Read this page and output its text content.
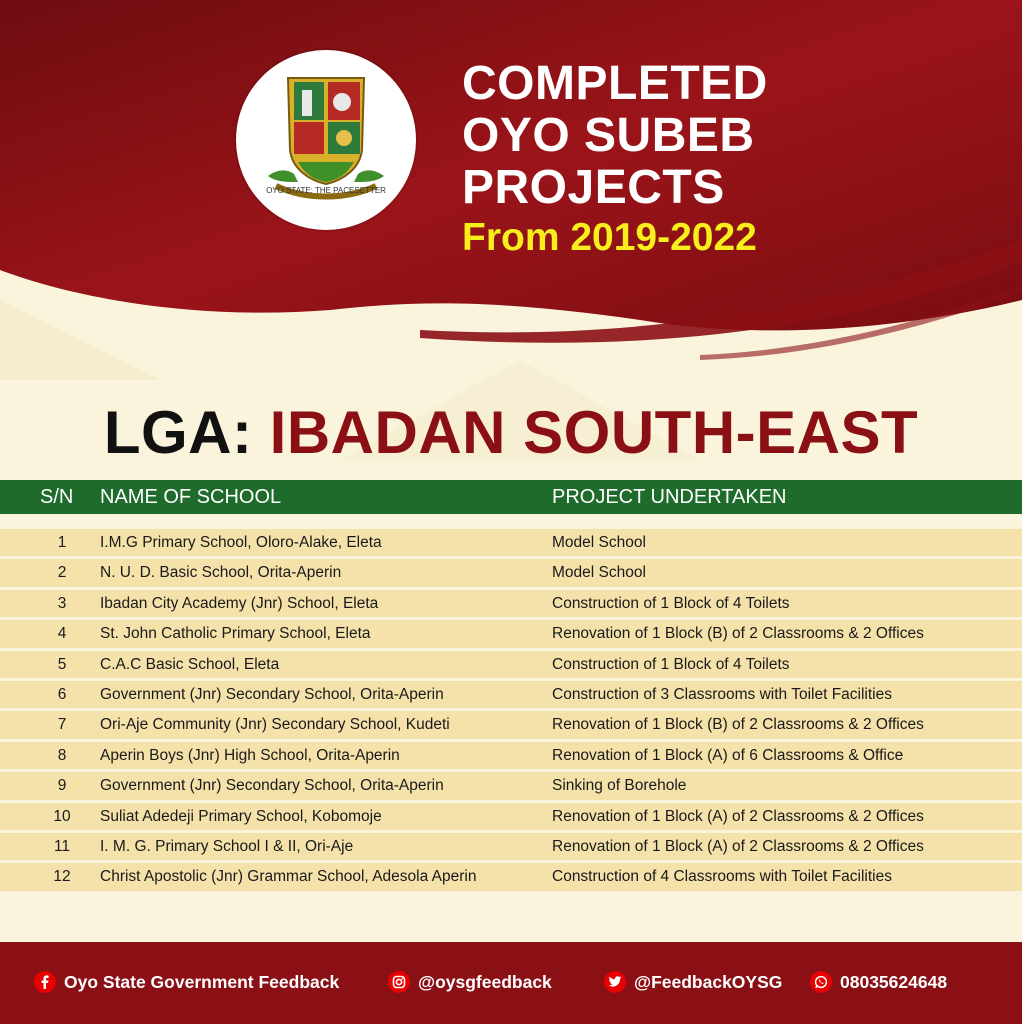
OYO STATE: THE PACESETTER
COMPLETED
OYO SUBEB
PROJECTS
From 2019-2022
LGA: IBADAN SOUTH-EAST
S/N NAME OF SCHOOL	PROJECT UNDERTAKEN
1	I.M.G Primary School, Oloro-Alake, Eleta	Model School
2	N. U. D. Basic School, Orita-Aperin	Model School
3	Ibadan City Academy (Jnr) School, Eleta	Construction of 1 Block of 4 Toilets
4	St. John Catholic Primary School, Eleta	Renovation of 1 Block (B) of 2 Classrooms & 2 Offices
5	C.A.C Basic School, Eleta	Construction of 1 Block of 4 Toilets
6	Government (Jnr) Secondary School, Orita-Aperin	Construction of 3 Classrooms with Toilet Facilities
7	Ori-Aje Community (Jnr) Secondary School, Kudeti	Renovation of 1 Block (B) of 2 Classrooms & 2 Offices
8	Aperin Boys (Jnr) High School, Orita-Aperin	Renovation of 1 Block (A) of 6 Classrooms & Office
9	Government (Jnr) Secondary School, Orita-Aperin	Sinking of Borehole
10	Suliat Adedeji Primary School, Kobomoje	Renovation of 1 Block (A) of 2 Classrooms & 2 Offices
11	I. M. G. Primary School I & II, Ori-Aje	Renovation of 1 Block (A) of 2 Classrooms & 2 Offices
12	Christ Apostolic (Jnr) Grammar School, Adesola Aperin	Construction of 4 Classrooms with Toilet Facilities
Oyo State Government Feedback	@oysgfeedback	@FeedbackOYSG	08035624648
